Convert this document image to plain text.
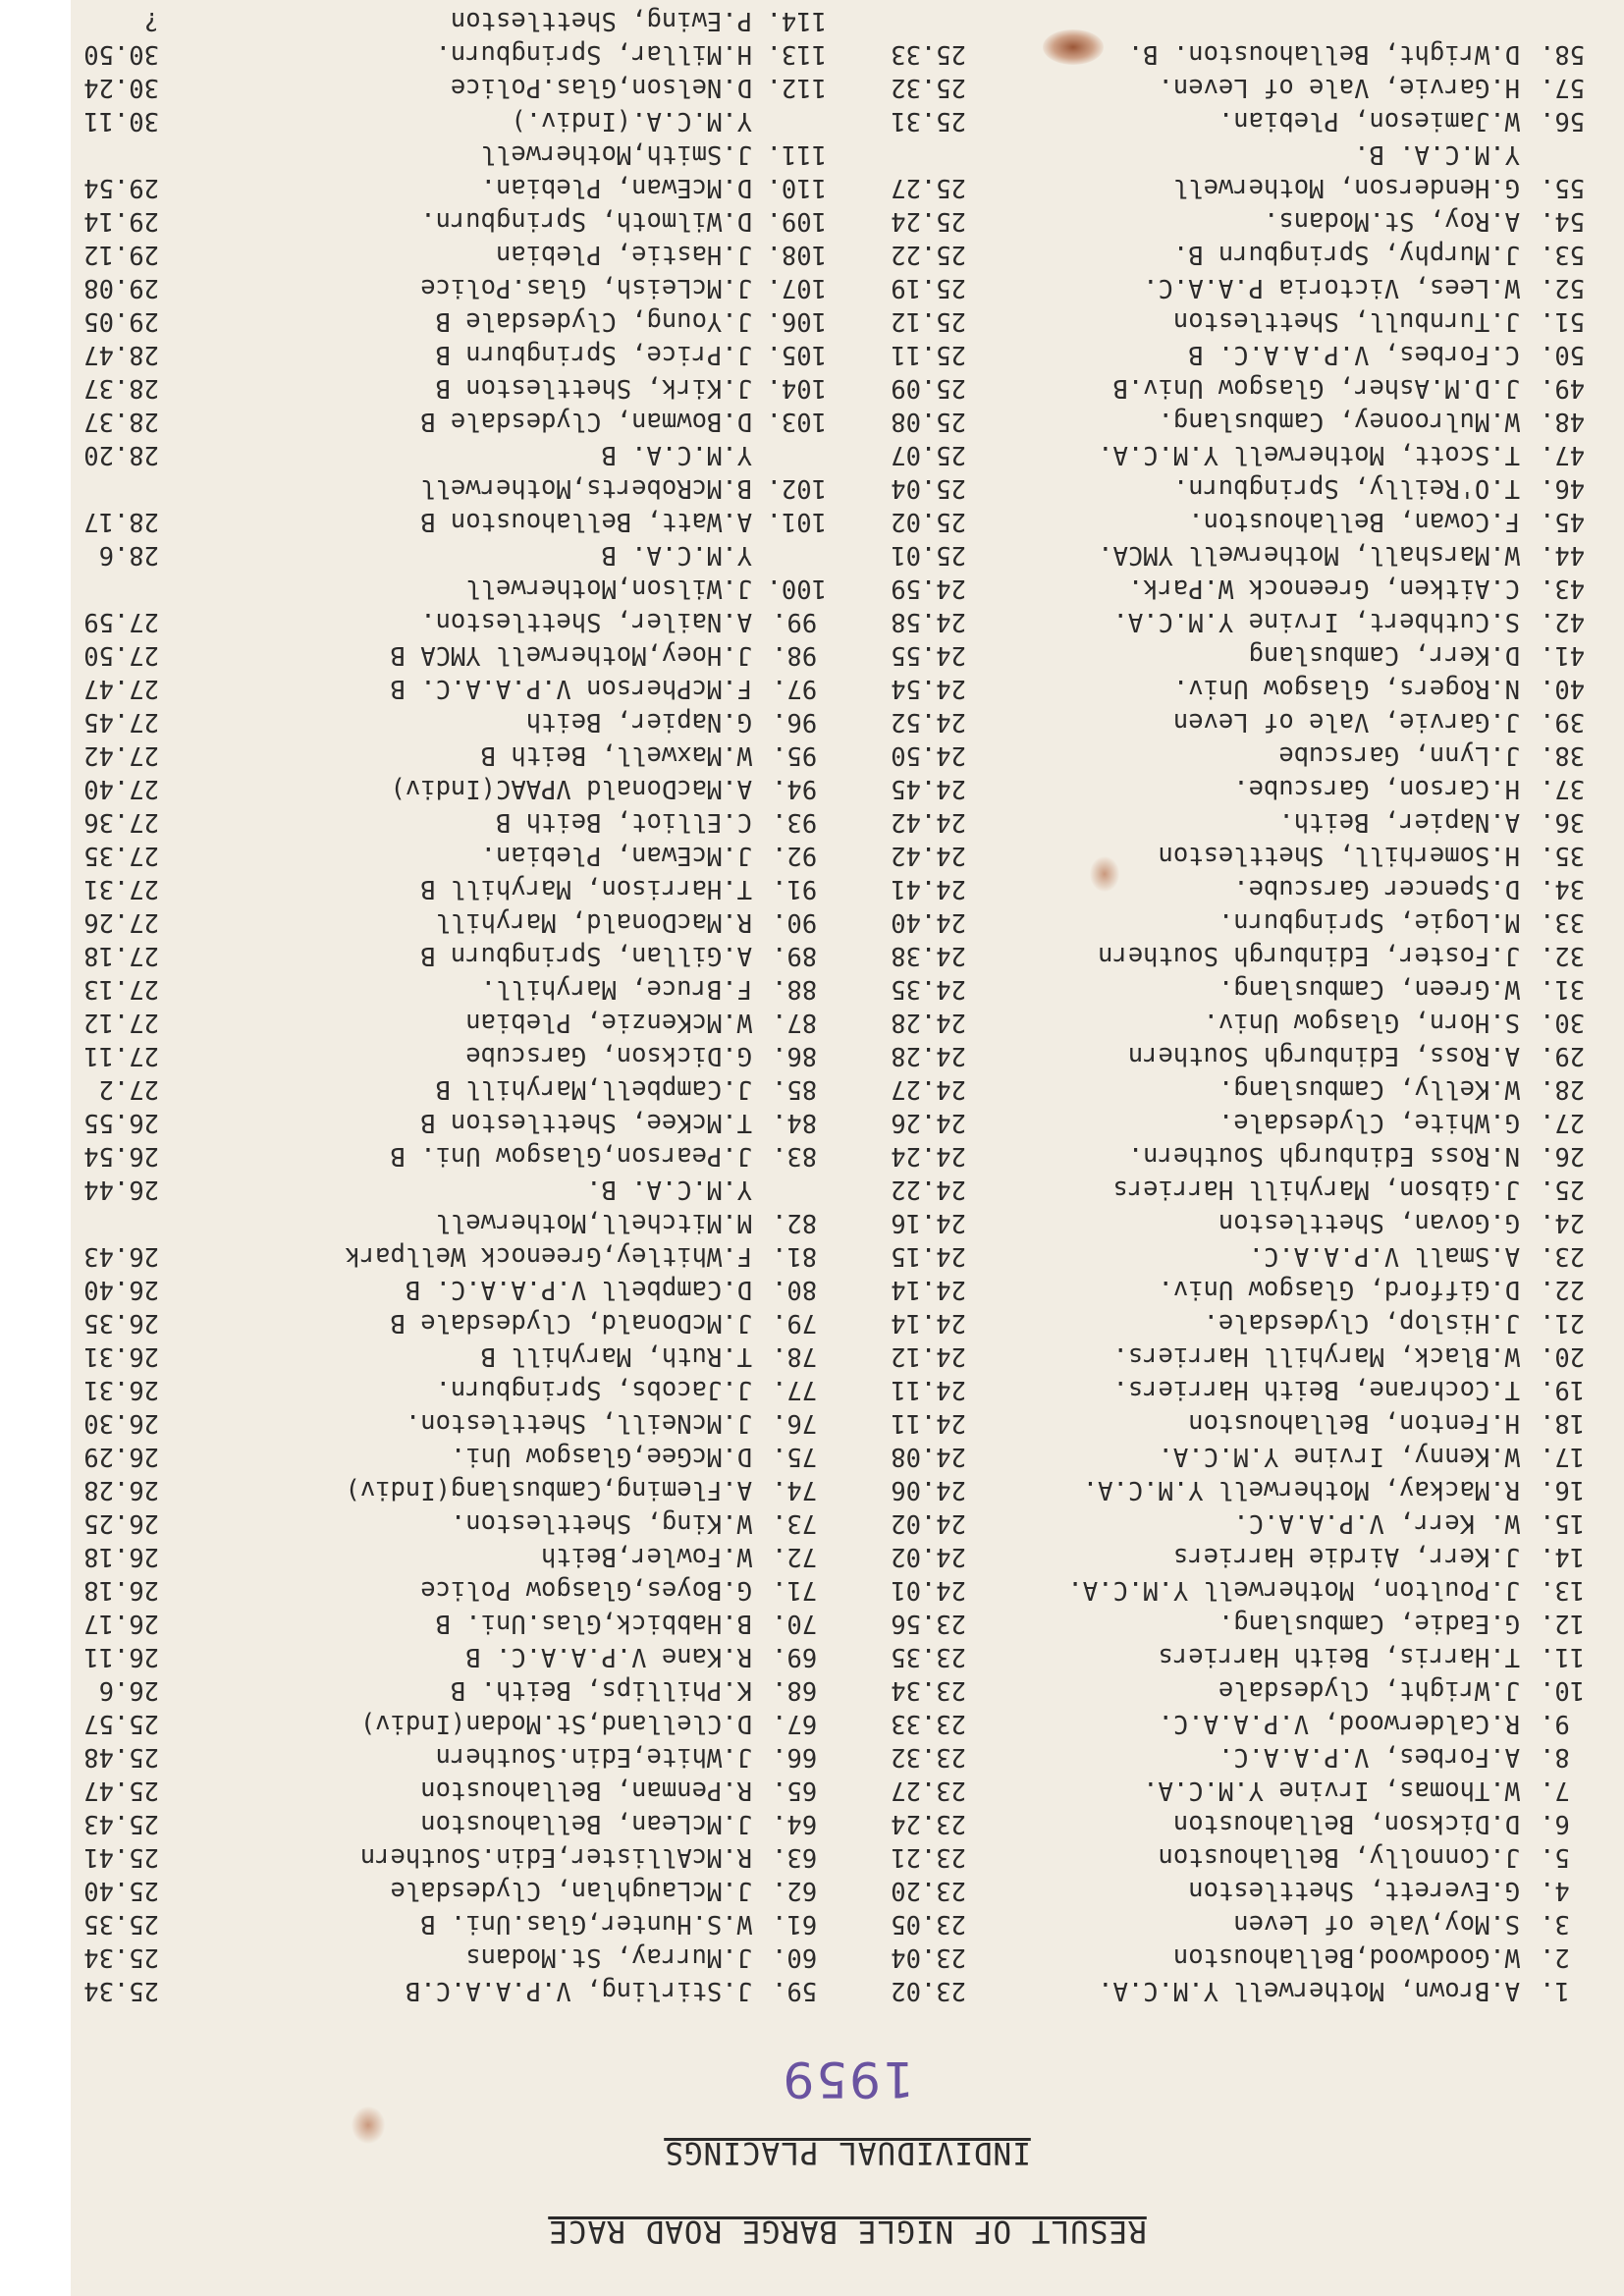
RESULT OF NIGLE BARGE ROAD RACE
INDIVIDUAL PLACINGS
1959
1.
A.Brown, Motherwell Y.M.C.A.
23.02
2.
W.Goodwood,Bellahouston
23.04
3.
S.Moy,Vale of Leven
23.05
4.
G.Everett, Shettleston
23.20
5.
J.Connolly, Bellahouston
23.21
6.
D.Dickson, Bellahouston
23.24
7.
W.Thomas, Irvine Y.M.C.A.
23.27
8.
A.Forbes, V.P.A.A.C.
23.32
9.
R.Calderwood, V.P.A.A.C.
23.33
10.
J.Wright, Clydesdale
23.34
11.
T.Harris, Beith Harriers
23.35
12.
G.Eadie, Cambuslang.
23.56
13.
J.Poulton, Motherwell Y.M.C.A.
24.01
14.
J.Kerr, Airdie Harriers
24.02
15.
W. Kerr, V.P.A.A.C.
24.02
16.
R.Mackay, Motherwell Y.M.C.A.
24.06
17.
W.Kenny, Irvine Y.M.C.A.
24.08
18.
H.Fenton, Bellahouston
24.11
19.
T.Cochrane, Beith Harriers.
24.11
20.
W.Black, Maryhill Harriers.
24.12
21.
J.Hislop, Clydesdale.
24.14
22.
D.Gifford, Glasgow Univ.
24.14
23.
A.Small V.P.A.A.C.
24.15
24.
G.Govan, Shettleston
24.16
25.
J.Gibson, Maryhill Harriers
24.22
26.
N.Ross Edinburgh Southern.
24.24
27.
G.White, Clydesdale.
24.26
28.
W.Kelly, Cambuslang.
24.27
29.
A.Ross, Edinburgh Southern
24.28
30.
S.Horn, Glasgow Univ.
24.28
31.
W.Green, Cambuslang.
24.35
32.
J.Foster, Edinburgh Southern
24.38
33.
M.Logie, Springburn.
24.40
34.
D.Spencer Garscube.
24.41
35.
H.Somerhill, Shettleston
24.42
36.
A.Napier, Beith.
24.42
37.
H.Carson, Garscube.
24.45
38.
J.Lynn, Garscube
24.50
39.
J.Garvie, Vale of Leven
24.52
40.
N.Rogers, Glasgow Univ.
24.54
41.
D.Kerr, Cambuslang
24.55
42.
S.Cuthbert, Irvine Y.M.C.A.
24.58
43.
C.Aitken, Greenock W.Park.
24.59
44.
W.Marshall, Motherwell YMCA.
25.01
45.
F.Cowan, Bellahouston.
25.02
46.
T.O'Reilly, Springburn.
25.04
47.
T.Scott, Motherwell Y.M.C.A.
25.07
48.
W.Mulrooney, Cambuslang.
25.08
49.
J.D.M.Asher, Glasgow Univ.B
25.09
50.
C.Forbes, V.P.A.A.C. B
25.11
51.
J.Turnbull, Shettleston
25.12
52.
W.Lees, Victoria P.A.A.C.
25.19
53.
J.Murphy, Springburn B.
25.22
54.
A.Roy, St.Modans.
25.24
55.
G.Henderson, Motherwell
25.27
Y.M.C.A. B.
56.
W.Jamieson, Plebian.
25.31
57.
H.Garvie, Vale of Leven.
25.32
58.
D.Wright, Bellahouston. B.
25.33
59.
J.Stirling, V.P.A.A.C.B
25.34
60.
J.Murray, St.Modans
25.34
61.
W.S.Hunter,Glas.Uni. B
25.35
62.
J.McLaughlan, Clydesdale
25.40
63.
R.McAllister,Edin.Southern
25.41
64.
J.McLean, Bellahouston
25.43
65.
R.Penman, Bellahouston
25.47
66.
J.White,Edin.Southern
25.48
67.
D.Clelland,St.Modan(Indiv)
25.57
68.
K.Phillips, Beith. B
26.6
69.
R.Kane V.P.A.A.C. B
26.11
70.
B.Habbick,Glas.Uni. B
26.17
71.
G.Boyes,Glasgow Police
26.18
72.
W.Fowler,Beith
26.18
73.
W.King, Shettleston.
26.25
74.
A.Fleming,Cambuslang(Indiv)
26.28
75.
D.McGee,Glasgow Uni.
26.29
76.
J.McNeill, Shettleston.
26.30
77.
J.Jacobs, Springburn.
26.31
78.
T.Ruth, Maryhill B
26.31
79.
J.McDonald, Clydesdale B
26.35
80.
D.Campbell V.P.A.A.C. B
26.40
81.
F.Whitley,Greenock Wellpark
26.43
82.
M.Mitchell,Motherwell
Y.M.C.A. B.
26.44
83.
J.Pearson,Glasgow Uni. B
26.54
84.
T.McKee, Shettleston B
26.55
85.
J.Campbell,Maryhill B
27.2
86.
G.Dickson, Garscube
27.11
87.
W.McKenzie, Plebian
27.12
88.
F.Bruce, Maryhill.
27.13
89.
A.Gillan, Springburn B
27.18
90.
R.MacDonald, Maryhill
27.26
91.
T.Harrison, Maryhill B
27.31
92.
J.McEwan, Plebian.
27.35
93.
C.Elliot, Beith B
27.36
94.
A.MacDonald VPAAC(Indiv)
27.40
95.
W.Maxwell, Beith B
27.42
96.
G.Napier, Beith
27.45
97.
F.McPherson V.P.A.A.C. B
27.47
98.
J.Hoey,Motherwell YMCA B
27.50
99.
A.Nailer, Shettleston.
27.59
100.
J.Wilson,Motherwell
Y.M.C.A. B
28.6
101.
A.Watt, Bellahouston B
28.17
102.
B.McRoberts,Motherwell
Y.M.C.A. B
28.20
103.
D.Bowman, Clydesdale B
28.37
104.
J.Kirk, Shettleston B
28.37
105.
J.Price, Springburn B
28.47
106.
J.Young, Clydesdale B
29.05
107.
J.McLeish, Glas.Police
29.08
108.
J.Hastie, Plebian
29.12
109.
D.Wilmoth, Springburn.
29.14
110.
D.McEwan, Plebian.
29.54
111.
J.Smith,Motherwell
Y.M.C.A.(Indiv.)
30.11
112.
D.Nelson,Glas.Police
30.24
113.
H.Millar, Springburn.
30.50
114.
P.Ewing, Shettleston
?
